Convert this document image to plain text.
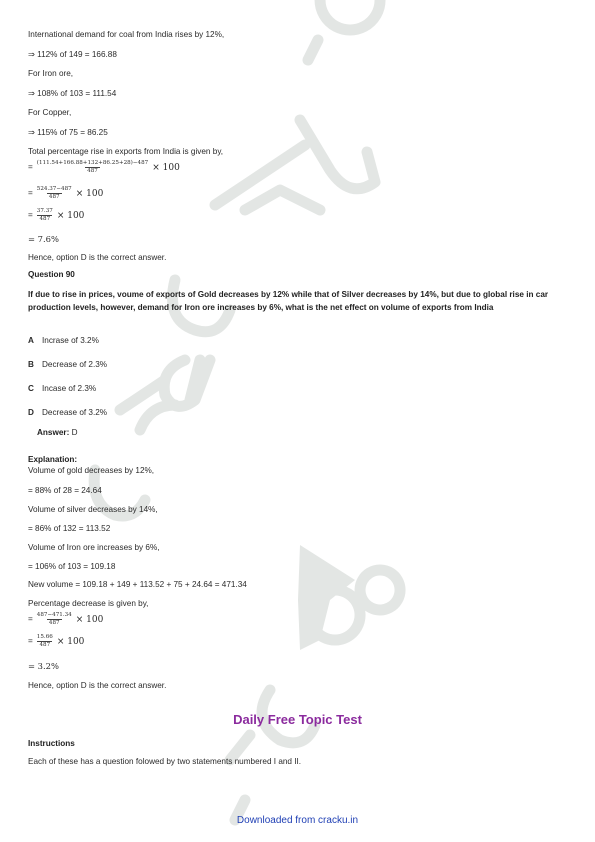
International demand for coal from India rises by 12%,
⇒ 112% of 149 = 166.88
For Iron ore,
⇒ 108% of 103 = 111.54
For Copper,
⇒ 115% of 75 = 86.25
Total percentage rise in exports from India is given by,
= $\frac{(111.54+166.88+132+86.25+28)-487}{487} \times 100$
= $\frac{524.37-487}{487} \times 100$
= $\frac{37.37}{487} \times 100$
= 7.6%
Hence, option D is the correct answer.
Question 90
If due to rise in prices, voume of exports of Gold decreases by 12% while that of Silver decreases by 14%, but due to global rise in car production levels, however, demand for Iron ore increases by 6%, what is the net effect on volume of exports from India
A Incrase of 3.2%
B Decrease of 2.3%
C Incase of 2.3%
D Decrease of 3.2%
Answer: D
Explanation:
Volume of gold decreases by 12%,
= 88% of 28 = 24.64
Volume of silver decreases by 14%,
= 86% of 132 = 113.52
Volume of Iron ore increases by 6%,
= 106% of 103 = 109.18
New volume = 109.18 + 149 + 113.52 + 75 + 24.64 = 471.34
Percentage decrease is given by,
= $\frac{487-471.34}{487} \times 100$
= $\frac{15.66}{487} \times 100$
= 3.2%
Hence, option D is the correct answer.
Instructions
Each of these has a question folowed by two statements numbered I and II.
Daily Free Topic Test
Downloaded from cracku.in
